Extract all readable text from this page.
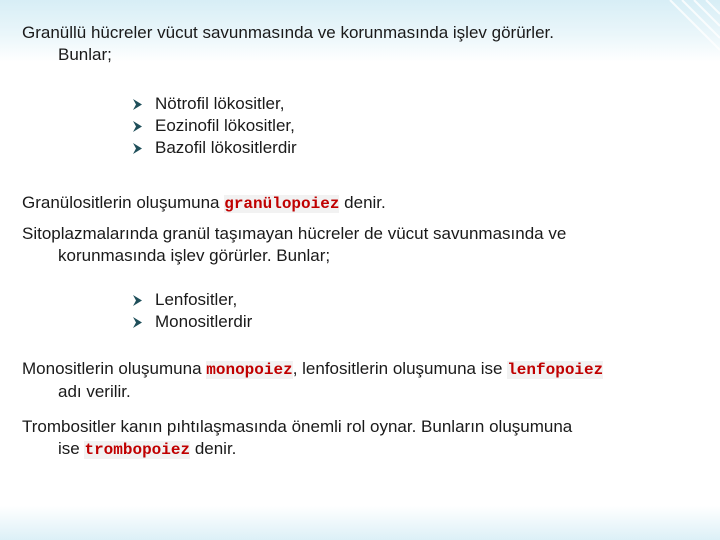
Granüllü hücreler vücut savunmasında ve korunmasında işlev görürler.
Bunlar;
Nötrofil lökositler,
Eozinofil lökositler,
Bazofil lökositlerdir
Granülositlerin oluşumuna granülopoiez denir.
Sitoplazmalarında granül taşımayan hücreler de vücut savunmasında ve
korunmasında işlev görürler. Bunlar;
Lenfositler,
Monositlerdir
Monositlerin oluşumuna monopoiez, lenfositlerin oluşumuna ise lenfopoiez
adı verilir.
Trombositler kanın pıhtılaşmasında önemli rol oynar. Bunların oluşumuna
ise trombopoiez denir.
